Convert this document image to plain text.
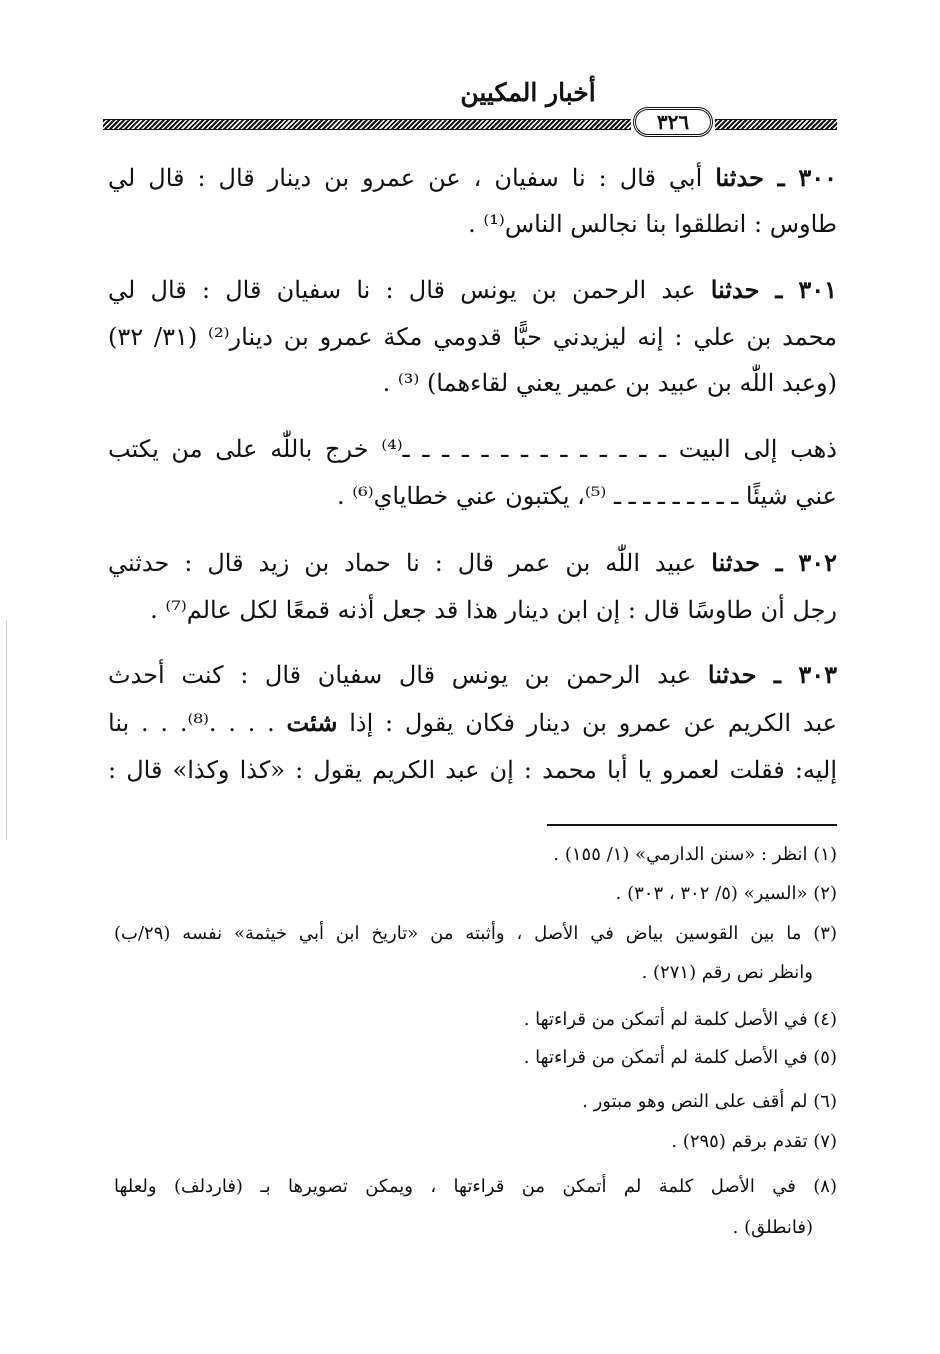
أخبار المكيين
٣٢٦
٣٠٠ ـ حدثنا أبي قال : نا سفيان ، عن عمرو بن دينار قال : قال لي
طاوس : انطلقوا بنا نجالس الناس⁽¹⁾ .
٣٠١ ـ حدثنا عبد الرحمن بن يونس قال : نا سفيان قال : قال لي
محمد بن علي : إنه ليزيدني حبًّا قدومي مكة عمرو بن دينار⁽²⁾ (٣١/ ٣٢)
(وعبد اللّٰه بن عبيد بن عمير يعني لقاءهما) ⁽³⁾ .
ذهب إلى البيت ـ ـ ـ ـ ـ ـ ـ ـ ـ ـ ـ ـ ـ ـ⁽⁴⁾ خرج باللّٰه على من يكتب
عني شيئًا ـ ـ ـ ـ ـ ـ ـ ـ ـ ⁽⁵⁾، يكتبون عني خطاياي⁽⁶⁾ .
٣٠٢ ـ حدثنا عبيد اللّٰه بن عمر قال : نا حماد بن زيد قال : حدثني
رجل أن طاوسًا قال : إن ابن دينار هذا قد جعل أذنه قمعًا لكل عالم⁽⁷⁾ .
٣٠٣ ـ حدثنا عبد الرحمن بن يونس قال سفيان قال : كنت أحدث
عبد الكريم عن عمرو بن دينار فكان يقول : إذا شئت . . . .⁽⁸⁾. . . بنا
إليه: فقلت لعمرو يا أبا محمد : إن عبد الكريم يقول : «كذا وكذا» قال :
(١) انظر : «سنن الدارمي» (١/ ١٥٥) .
(٢) «السير» (٥/ ٣٠٢ ، ٣٠٣) .
(٣) ما بين القوسين بياض في الأصل ، وأثبته من «تاريخ ابن أبي خيثمة» نفسه (٢٩/ب)
وانظر نص رقم (٢٧١) .
(٤) في الأصل كلمة لم أتمكن من قراءتها .
(٥) في الأصل كلمة لم أتمكن من قراءتها .
(٦) لم أقف على النص وهو مبتور .
(٧) تقدم برقم (٢٩٥) .
(٨) في الأصل كلمة لم أتمكن من قراءتها ، ويمكن تصويرها بـ (فاردلف) ولعلها
(فانطلق) .
